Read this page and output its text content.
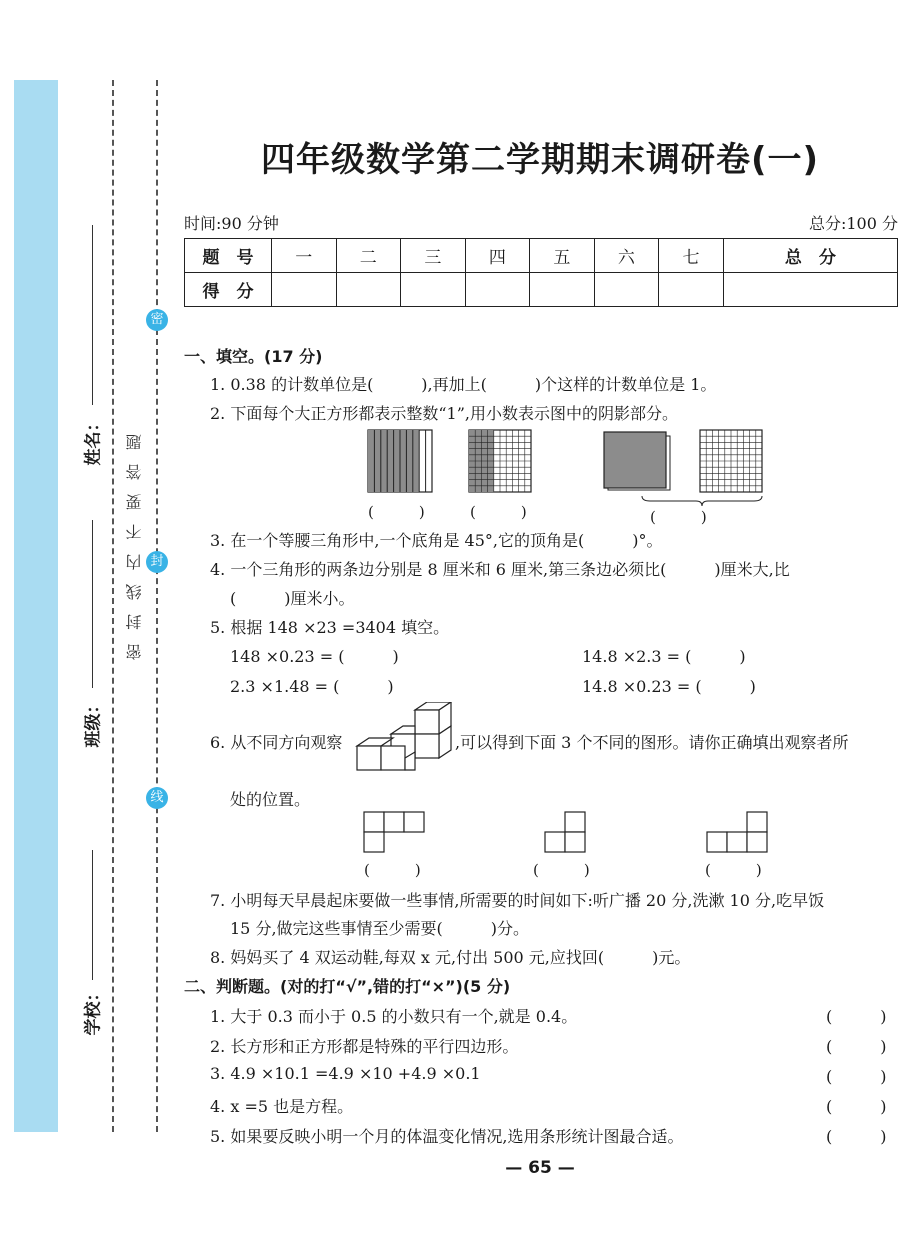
学校：
班级：
姓名：	密封线内不要答题
密
封
线
四年级数学第二学期期末调研卷(一)
时间:90 分钟	总分:100 分
题　号	一	二	三	四	五	六	七	总　分
得　分								
一、填空。(17 分)
1. 0.38 的计数单位是(　　　),再加上(　　　)个这样的计数单位是 1。
2. 下面每个大正方形都表示整数“1”,用小数表示图中的阴影部分。
(　　　)	(　　　)	(　　　)
3. 在一个等腰三角形中,一个底角是 45°,它的顶角是(　　　)°。
4. 一个三角形的两条边分别是 8 厘米和 6 厘米,第三条边必须比(　　　)厘米大,比
(　　　)厘米小。
5. 根据 148 ×23 =3404 填空。
148 ×0.23 = (　　　)	14.8 ×2.3 = (　　　)
2.3 ×1.48 = (　　　)	14.8 ×0.23 = (　　　)
6. 从不同方向观察	,可以得到下面 3 个不同的图形。请你正确填出观察者所
处的位置。
(　　　)	(　　　)	(　　　)
7. 小明每天早晨起床要做一些事情,所需要的时间如下:听广播 20 分,洗漱 10 分,吃早饭
15 分,做完这些事情至少需要(　　　)分。
8. 妈妈买了 4 双运动鞋,每双 x 元,付出 500 元,应找回(　　　)元。
二、判断题。(对的打“√”,错的打“×”)(5 分)
1. 大于 0.3 而小于 0.5 的小数只有一个,就是 0.4。	(　　　)
2. 长方形和正方形都是特殊的平行四边形。	(　　　)
3. 4.9 ×10.1 =4.9 ×10 +4.9 ×0.1	(　　　)
4. x =5 也是方程。	(　　　)
5. 如果要反映小明一个月的体温变化情况,选用条形统计图最合适。	(　　　)
— 65 —
